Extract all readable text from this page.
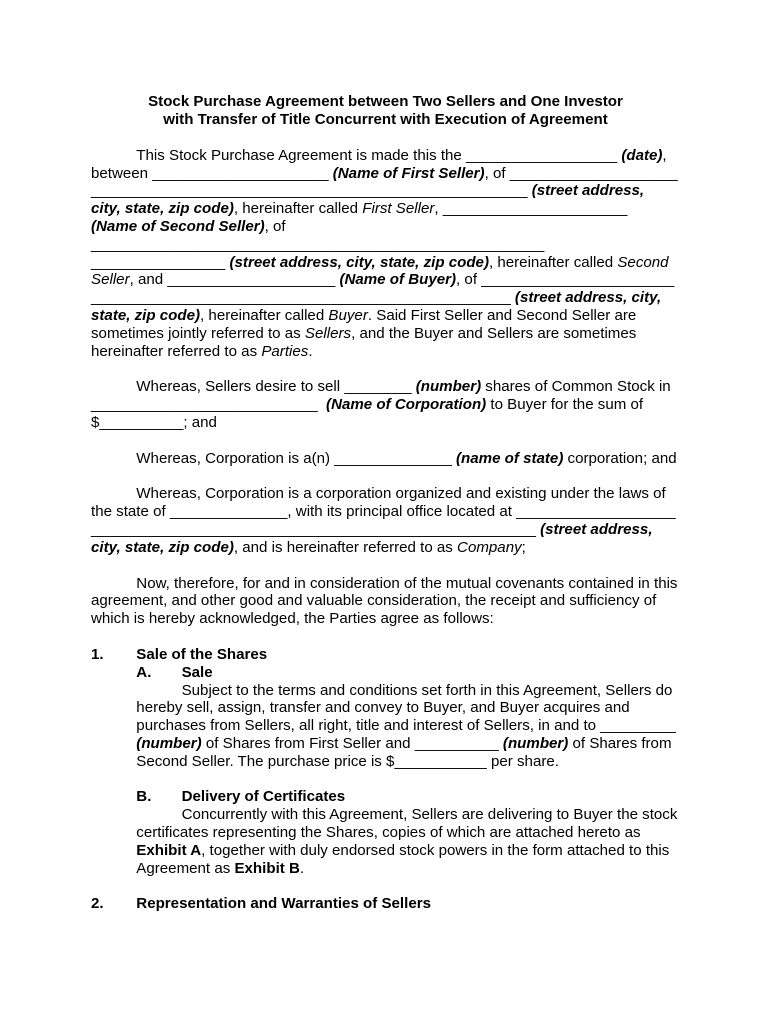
Stock Purchase Agreement between Two Sellers and One Investor
with Transfer of Title Concurrent with Execution of Agreement
This Stock Purchase Agreement is made this the __________________ (date),
between _____________________ (Name of First Seller), of ____________________
____________________________________________________ (street address,
city, state, zip code), hereinafter called First Seller, ______________________
(Name of Second Seller), of
______________________________________________________
________________ (street address, city, state, zip code), hereinafter called Second
Seller, and ____________________ (Name of Buyer), of _______________________
__________________________________________________ (street address, city,
state, zip code), hereinafter called Buyer. Said First Seller and Second Seller are
sometimes jointly referred to as Sellers, and the Buyer and Sellers are sometimes
hereinafter referred to as Parties.
Whereas, Sellers desire to sell ________ (number) shares of Common Stock in
___________________________  (Name of Corporation) to Buyer for the sum of
$__________; and
Whereas, Corporation is a(n) ______________ (name of state) corporation; and
Whereas, Corporation is a corporation organized and existing under the laws of
the state of ______________, with its principal office located at ___________________
_____________________________________________________ (street address,
city, state, zip code), and is hereinafter referred to as Company;
Now, therefore, for and in consideration of the mutual covenants contained in this
agreement, and other good and valuable consideration, the receipt and sufficiency of
which is hereby acknowledged, the Parties agree as follows:
1. Sale of the Shares
A. Sale
Subject to the terms and conditions set forth in this Agreement, Sellers do
hereby sell, assign, transfer and convey to Buyer, and Buyer acquires and
purchases from Sellers, all right, title and interest of Sellers, in and to _________
(number) of Shares from First Seller and __________ (number) of Shares from
Second Seller. The purchase price is $___________ per share.
B. Delivery of Certificates
Concurrently with this Agreement, Sellers are delivering to Buyer the stock
certificates representing the Shares, copies of which are attached hereto as
Exhibit A, together with duly endorsed stock powers in the form attached to this
Agreement as Exhibit B.
2. Representation and Warranties of Sellers
